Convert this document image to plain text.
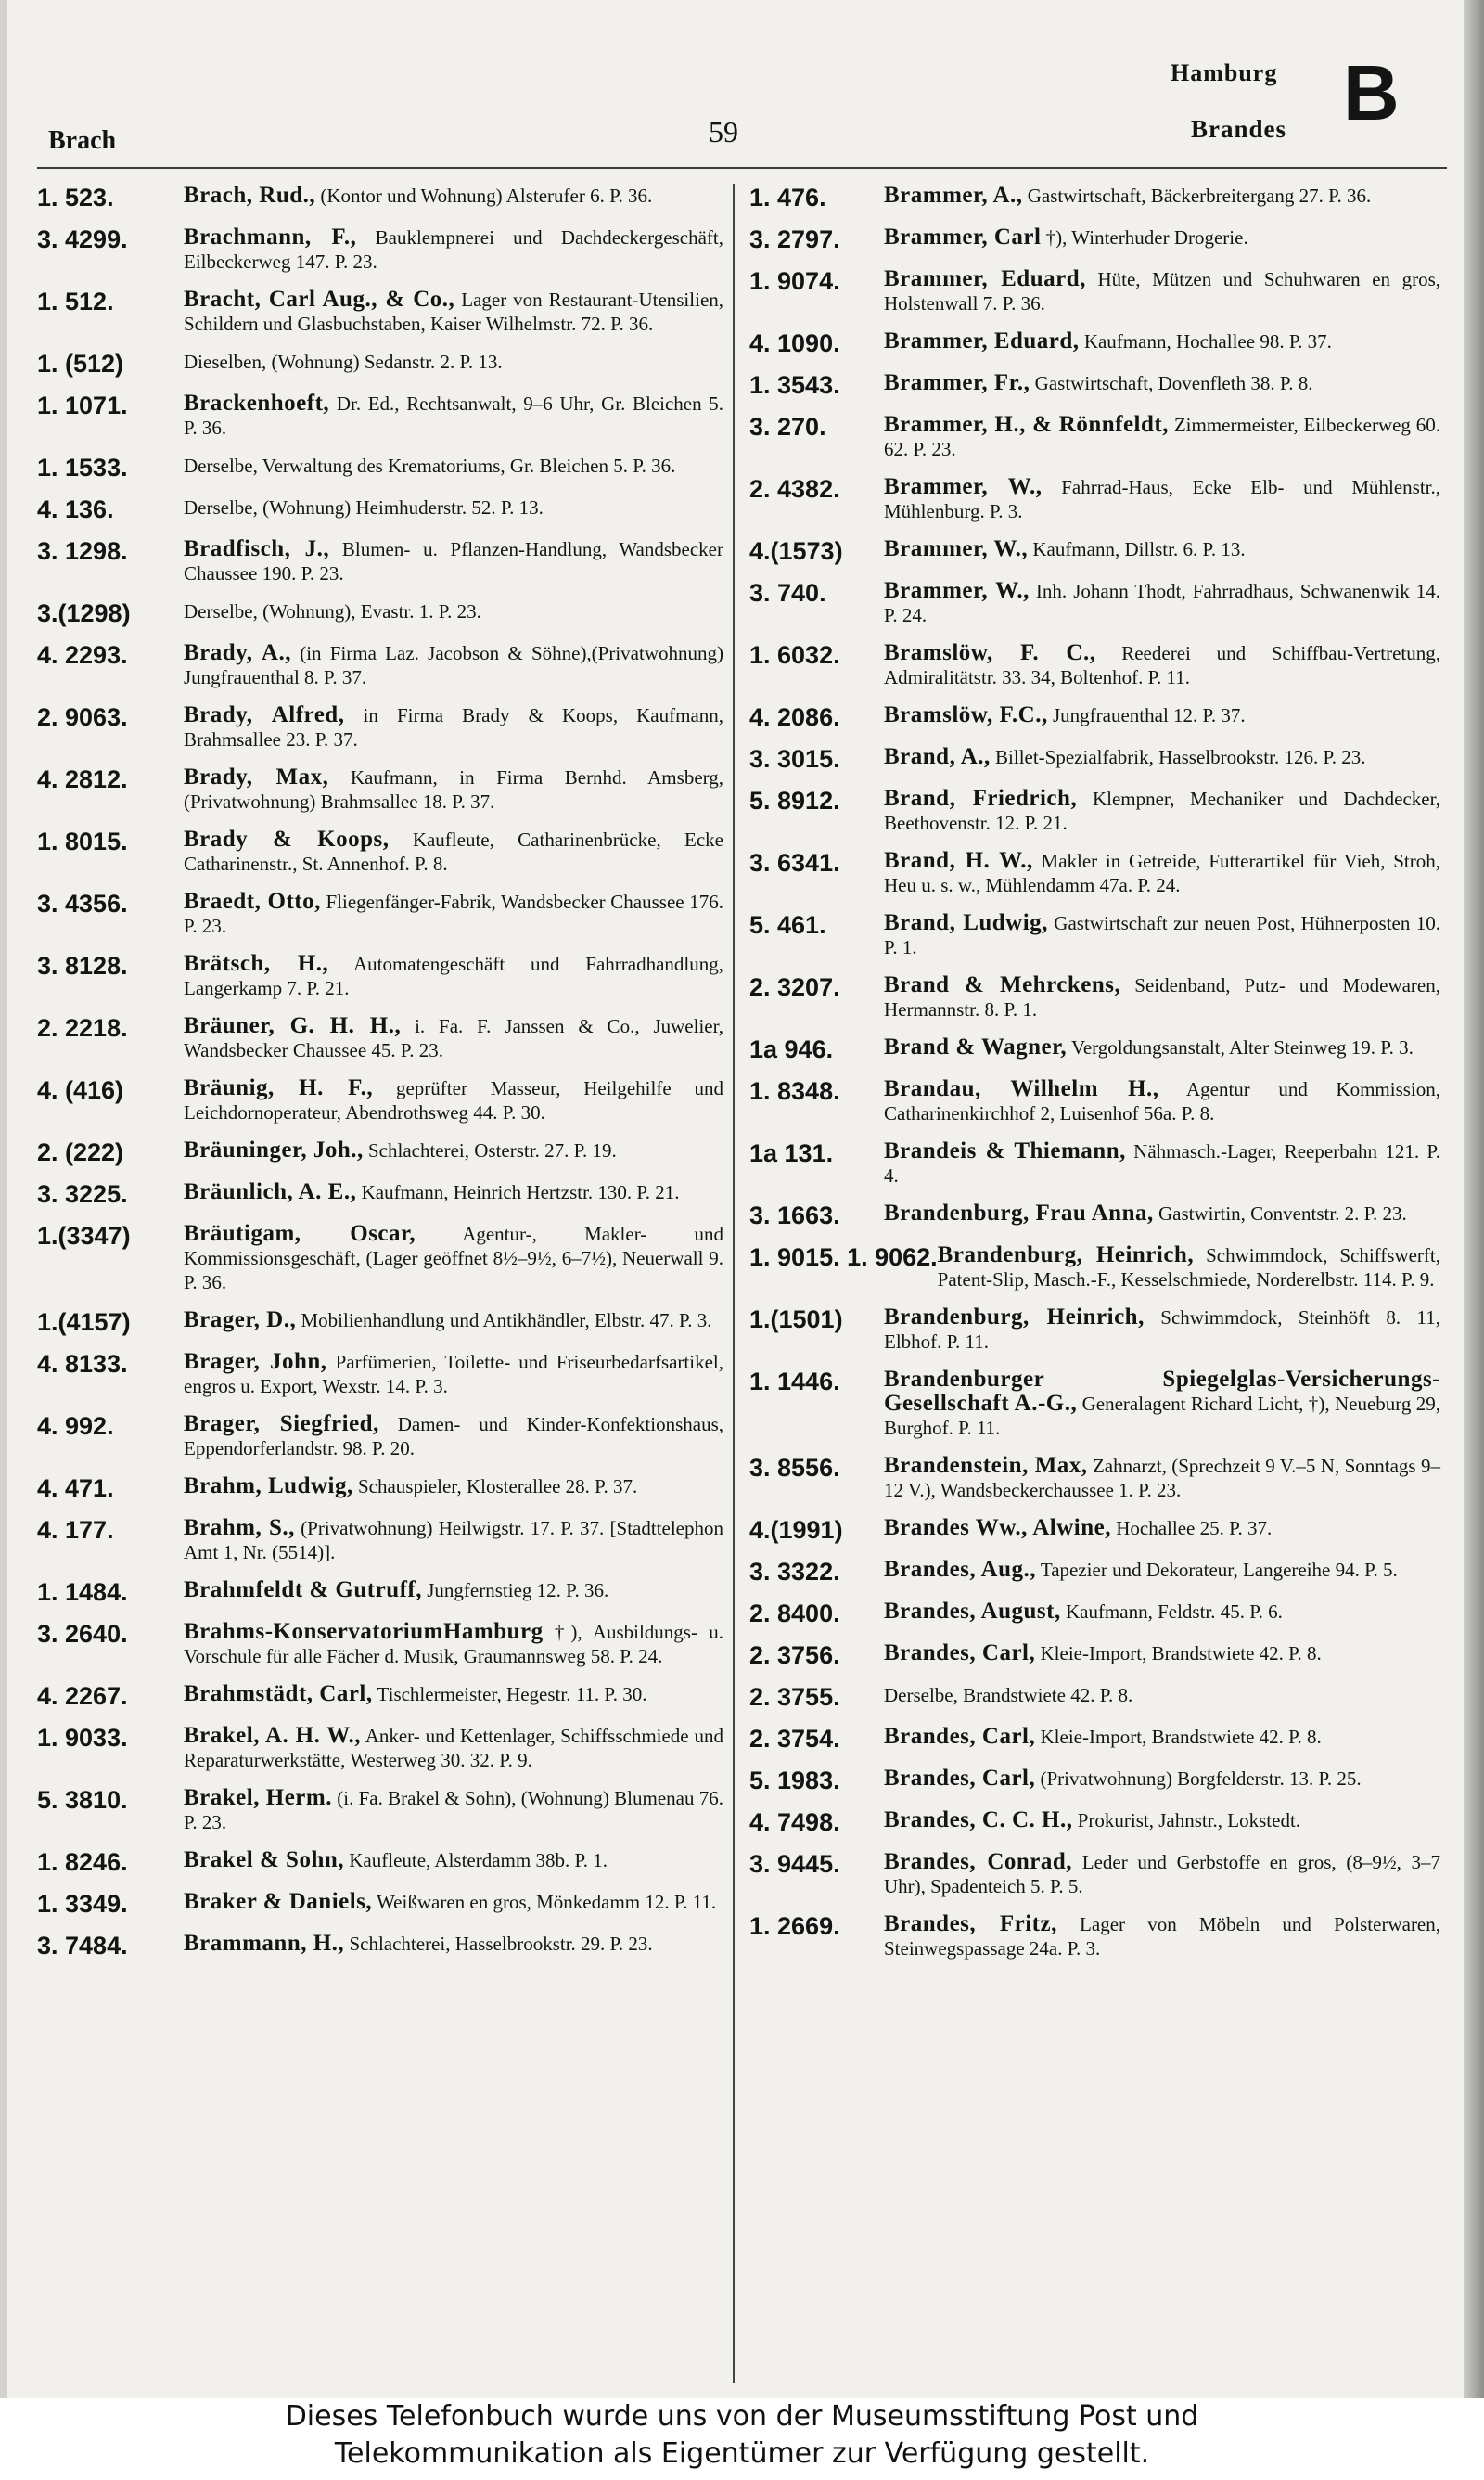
Brach	59
Hamburg
Brandes B
1. 523.	Brach, Rud., (Kontor und Wohnung) Alsterufer 6. P. 36.
3. 4299.	Brachmann, F., Bauklempnerei und Dachdeckergeschäft, Eilbeckerweg 147. P. 23.
1. 512.	Bracht, Carl Aug., & Co., Lager von Restaurant-Utensilien, Schildern und Glasbuchstaben, Kaiser Wilhelmstr. 72. P. 36.
1. (512)	Dieselben, (Wohnung) Sedanstr. 2. P. 13.
1. 1071.	Brackenhoeft, Dr. Ed., Rechtsanwalt, 9–6 Uhr, Gr. Bleichen 5. P. 36.
1. 1533.	Derselbe, Verwaltung des Krematoriums, Gr. Bleichen 5. P. 36.
4. 136.	Derselbe, (Wohnung) Heimhuderstr. 52. P. 13.
3. 1298.	Bradfisch, J., Blumen- u. Pflanzen-Handlung, Wandsbecker Chaussee 190. P. 23.
3.(1298)	Derselbe, (Wohnung), Evastr. 1. P. 23.
4. 2293.	Brady, A., (in Firma Laz. Jacobson & Söhne),(Privatwohnung) Jungfrauenthal 8. P. 37.
2. 9063.	Brady, Alfred, in Firma Brady & Koops, Kaufmann, Brahmsallee 23. P. 37.
4. 2812.	Brady, Max, Kaufmann, in Firma Bernhd. Amsberg, (Privatwohnung) Brahmsallee 18. P. 37.
1. 8015.	Brady & Koops, Kaufleute, Catharinenbrücke, Ecke Catharinenstr., St. Annenhof. P. 8.
3. 4356.	Braedt, Otto, Fliegenfänger-Fabrik, Wandsbecker Chaussee 176. P. 23.
3. 8128.	Brätsch, H., Automatengeschäft und Fahrradhandlung, Langerkamp 7. P. 21.
2. 2218.	Bräuner, G. H. H., i. Fa. F. Janssen & Co., Juwelier, Wandsbecker Chaussee 45. P. 23.
4. (416)	Bräunig, H. F., geprüfter Masseur, Heilgehilfe und Leichdornoperateur, Abendrothsweg 44. P. 30.
2. (222)	Bräuninger, Joh., Schlachterei, Osterstr. 27. P. 19.
3. 3225.	Bräunlich, A. E., Kaufmann, Heinrich Hertzstr. 130. P. 21.
1.(3347)	Bräutigam, Oscar, Agentur-, Makler- und Kommissionsgeschäft, (Lager geöffnet 8½–9½, 6–7½), Neuerwall 9. P. 36.
1.(4157)	Brager, D., Mobilienhandlung und Antikhändler, Elbstr. 47. P. 3.
4. 8133.	Brager, John, Parfümerien, Toilette- und Friseurbedarfsartikel, engros u. Export, Wexstr. 14. P. 3.
4. 992.	Brager, Siegfried, Damen- und Kinder-Konfektionshaus, Eppendorferlandstr. 98. P. 20.
4. 471.	Brahm, Ludwig, Schauspieler, Klosterallee 28. P. 37.
4. 177.	Brahm, S., (Privatwohnung) Heilwigstr. 17. P. 37. [Stadttelephon Amt 1, Nr. (5514)].
1. 1484.	Brahmfeldt & Gutruff, Jungfernstieg 12. P. 36.
3. 2640.	Brahms-KonservatoriumHamburg †), Ausbildungs- u. Vorschule für alle Fächer d. Musik, Graumannsweg 58. P. 24.
4. 2267.	Brahmstädt, Carl, Tischlermeister, Hegestr. 11. P. 30.
1. 9033.	Brakel, A. H. W., Anker- und Kettenlager, Schiffsschmiede und Reparaturwerkstätte, Westerweg 30. 32. P. 9.
5. 3810.	Brakel, Herm. (i. Fa. Brakel & Sohn), (Wohnung) Blumenau 76. P. 23.
1. 8246.	Brakel & Sohn, Kaufleute, Alsterdamm 38b. P. 1.
1. 3349.	Braker & Daniels, Weißwaren en gros, Mönkedamm 12. P. 11.
3. 7484.	Brammann, H., Schlachterei, Hasselbrookstr. 29. P. 23.
1. 476.	Brammer, A., Gastwirtschaft, Bäckerbreitergang 27. P. 36.
3. 2797.	Brammer, Carl †), Winterhuder Drogerie.
1. 9074.	Brammer, Eduard, Hüte, Mützen und Schuhwaren en gros, Holstenwall 7. P. 36.
4. 1090.	Brammer, Eduard, Kaufmann, Hochallee 98. P. 37.
1. 3543.	Brammer, Fr., Gastwirtschaft, Dovenfleth 38. P. 8.
3. 270.	Brammer, H., & Rönnfeldt, Zimmermeister, Eilbeckerweg 60. 62. P. 23.
2. 4382.	Brammer, W., Fahrrad-Haus, Ecke Elb- und Mühlenstr., Mühlenburg. P. 3.
4.(1573)	Brammer, W., Kaufmann, Dillstr. 6. P. 13.
3. 740.	Brammer, W., Inh. Johann Thodt, Fahrradhaus, Schwanenwik 14. P. 24.
1. 6032.	Bramslöw, F. C., Reederei und Schiffbau-Vertretung, Admiralitätstr. 33. 34, Boltenhof. P. 11.
4. 2086.	Bramslöw, F.C., Jungfrauenthal 12. P. 37.
3. 3015.	Brand, A., Billet-Spezialfabrik, Hasselbrookstr. 126. P. 23.
5. 8912.	Brand, Friedrich, Klempner, Mechaniker und Dachdecker, Beethovenstr. 12. P. 21.
3. 6341.	Brand, H. W., Makler in Getreide, Futterartikel für Vieh, Stroh, Heu u. s. w., Mühlendamm 47a. P. 24.
5. 461.	Brand, Ludwig, Gastwirtschaft zur neuen Post, Hühnerposten 10. P. 1.
2. 3207.	Brand & Mehrckens, Seidenband, Putz- und Modewaren, Hermannstr. 8. P. 1.
1a 946.	Brand & Wagner, Vergoldungsanstalt, Alter Steinweg 19. P. 3.
1. 8348.	Brandau, Wilhelm H., Agentur und Kommission, Catharinenkirchhof 2, Luisenhof 56a. P. 8.
1a 131.	Brandeis & Thiemann, Nähmasch.-Lager, Reeperbahn 121. P. 4.
3. 1663.	Brandenburg, Frau Anna, Gastwirtin, Conventstr. 2. P. 23.
1. 9015. 1. 9062. Brandenburg, Heinrich, Schwimmdock, Schiffswerft, Patent-Slip, Masch.-F., Kesselschmiede, Norderelbstr. 114. P. 9.
1.(1501)	Brandenburg, Heinrich, Schwimmdock, Steinhöft 8. 11, Elbhof. P. 11.
1. 1446.	Brandenburger Spiegelglas-Versicherungs-Gesellschaft A.-G., Generalagent Richard Licht, †), Neueburg 29, Burghof. P. 11.
3. 8556.	Brandenstein, Max, Zahnarzt, (Sprechzeit 9 V.–5 N, Sonntags 9–12 V.), Wandsbeckerchaussee 1. P. 23.
4.(1991)	Brandes Ww., Alwine, Hochallee 25. P. 37.
3. 3322.	Brandes, Aug., Tapezier und Dekorateur, Langereihe 94. P. 5.
2. 8400.	Brandes, August, Kaufmann, Feldstr. 45. P. 6.
2. 3756.	Brandes, Carl, Kleie-Import, Brandstwiete 42. P. 8.
2. 3755.	Derselbe, Brandstwiete 42. P. 8.
2. 3754.	Brandes, Carl, Kleie-Import, Brandstwiete 42. P. 8.
5. 1983.	Brandes, Carl, (Privatwohnung) Borgfelderstr. 13. P. 25.
4. 7498.	Brandes, C. C. H., Prokurist, Jahnstr., Lokstedt.
3. 9445.	Brandes, Conrad, Leder und Gerbstoffe en gros, (8–9½, 3–7 Uhr), Spadenteich 5. P. 5.
1. 2669.	Brandes, Fritz, Lager von Möbeln und Polsterwaren, Steinwegspassage 24a. P. 3.
Dieses Telefonbuch wurde uns von der Museumsstiftung Post und
Telekommunikation als Eigentümer zur Verfügung gestellt.
